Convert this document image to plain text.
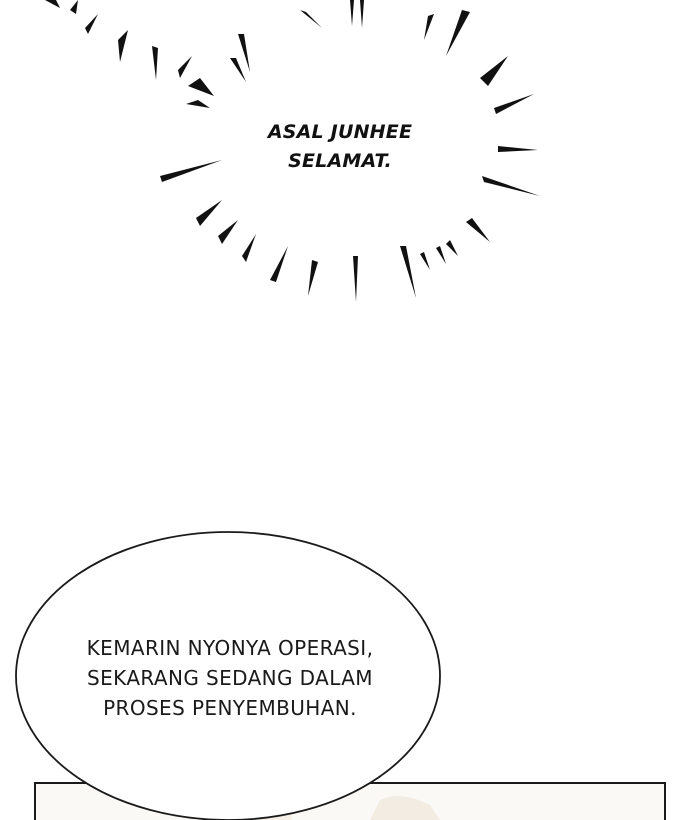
ASAL JUNHEE
SELAMAT.
KEMARIN NYONYA OPERASI,
SEKARANG SEDANG DALAM
PROSES PENYEMBUHAN.
